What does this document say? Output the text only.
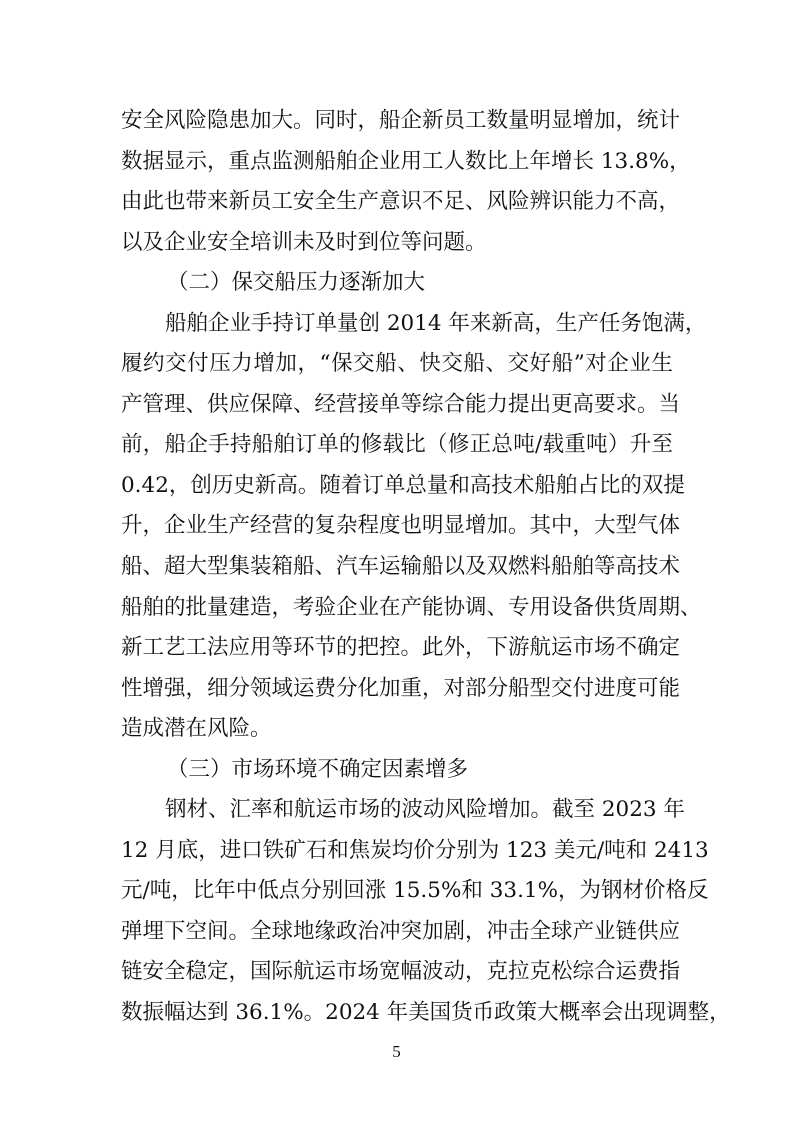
安全风险隐患加大。同时，船企新员工数量明显增加，统计
数据显示，重点监测船舶企业用工人数比上年增长 13.8%，
由此也带来新员工安全生产意识不足、风险辨识能力不高，
以及企业安全培训未及时到位等问题。
（二）保交船压力逐渐加大
船舶企业手持订单量创 2014 年来新高，生产任务饱满，
履约交付压力增加，“保交船、快交船、交好船”对企业生
产管理、供应保障、经营接单等综合能力提出更高要求。当
前，船企手持船舶订单的修载比（修正总吨/载重吨）升至
0.42，创历史新高。随着订单总量和高技术船舶占比的双提
升，企业生产经营的复杂程度也明显增加。其中，大型气体
船、超大型集装箱船、汽车运输船以及双燃料船舶等高技术
船舶的批量建造，考验企业在产能协调、专用设备供货周期、
新工艺工法应用等环节的把控。此外，下游航运市场不确定
性增强，细分领域运费分化加重，对部分船型交付进度可能
造成潜在风险。
（三）市场环境不确定因素增多
钢材、汇率和航运市场的波动风险增加。截至 2023 年
12 月底，进口铁矿石和焦炭均价分别为 123 美元/吨和 2413
元/吨，比年中低点分别回涨 15.5%和 33.1%，为钢材价格反
弹埋下空间。全球地缘政治冲突加剧，冲击全球产业链供应
链安全稳定，国际航运市场宽幅波动，克拉克松综合运费指
数振幅达到 36.1%。2024 年美国货币政策大概率会出现调整，
5
